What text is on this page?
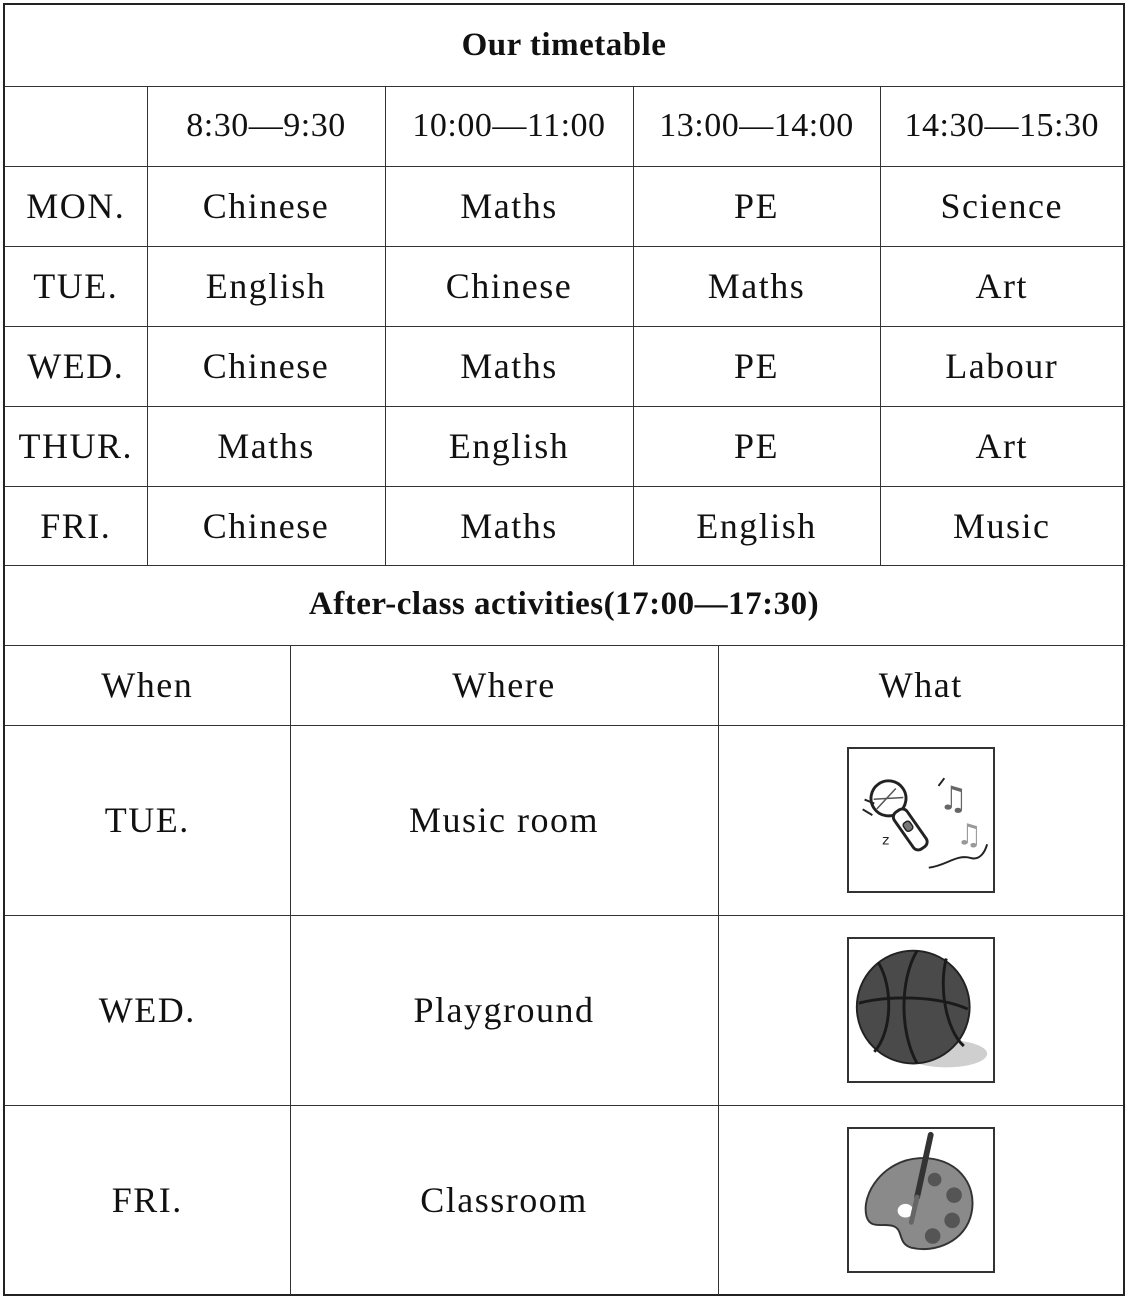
Our timetable				
	8:30—9:30	10:00—11:00	13:00—14:00	14:30—15:30
MON.	Chinese	Maths	PE	Science
TUE.	English	Chinese	Maths	Art
WED.	Chinese	Maths	PE	Labour
THUR.	Maths	English	PE	Art
FRI.	Chinese	Maths	English	Music
After-class activities(17:00—17:30)		
When	Where	What
TUE.	Music room	♫
♫
z

WED.	Playground	

FRI.	Classroom	
